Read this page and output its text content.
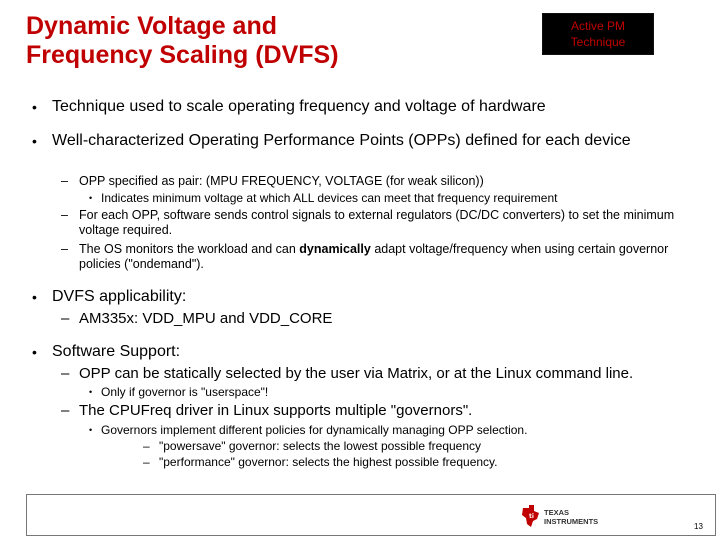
Dynamic Voltage and
Frequency Scaling (DVFS)
Active PM
Technique
• Technique used to scale operating frequency and voltage of hardware
• Well-characterized Operating Performance Points (OPPs) defined for each device
– OPP specified as pair: (MPU FREQUENCY, VOLTAGE (for weak silicon))
• Indicates minimum voltage at which ALL devices can meet that frequency requirement
– For each OPP, software sends control signals to external regulators (DC/DC converters) to set the minimum voltage required.
– The OS monitors the workload and can dynamically adapt voltage/frequency when using certain governor policies ("ondemand").
• DVFS applicability:
– AM335x: VDD_MPU and VDD_CORE
• Software Support:
– OPP can be statically selected by the user via Matrix, or at the Linux command line.
• Only if governor is "userspace"!
– The CPUFreq driver in Linux supports multiple "governors".
• Governors implement different policies for dynamically managing OPP selection.
– "powersave" governor: selects the lowest possible frequency
– "performance" governor: selects the highest possible frequency.
ti TEXAS
INSTRUMENTS
13
